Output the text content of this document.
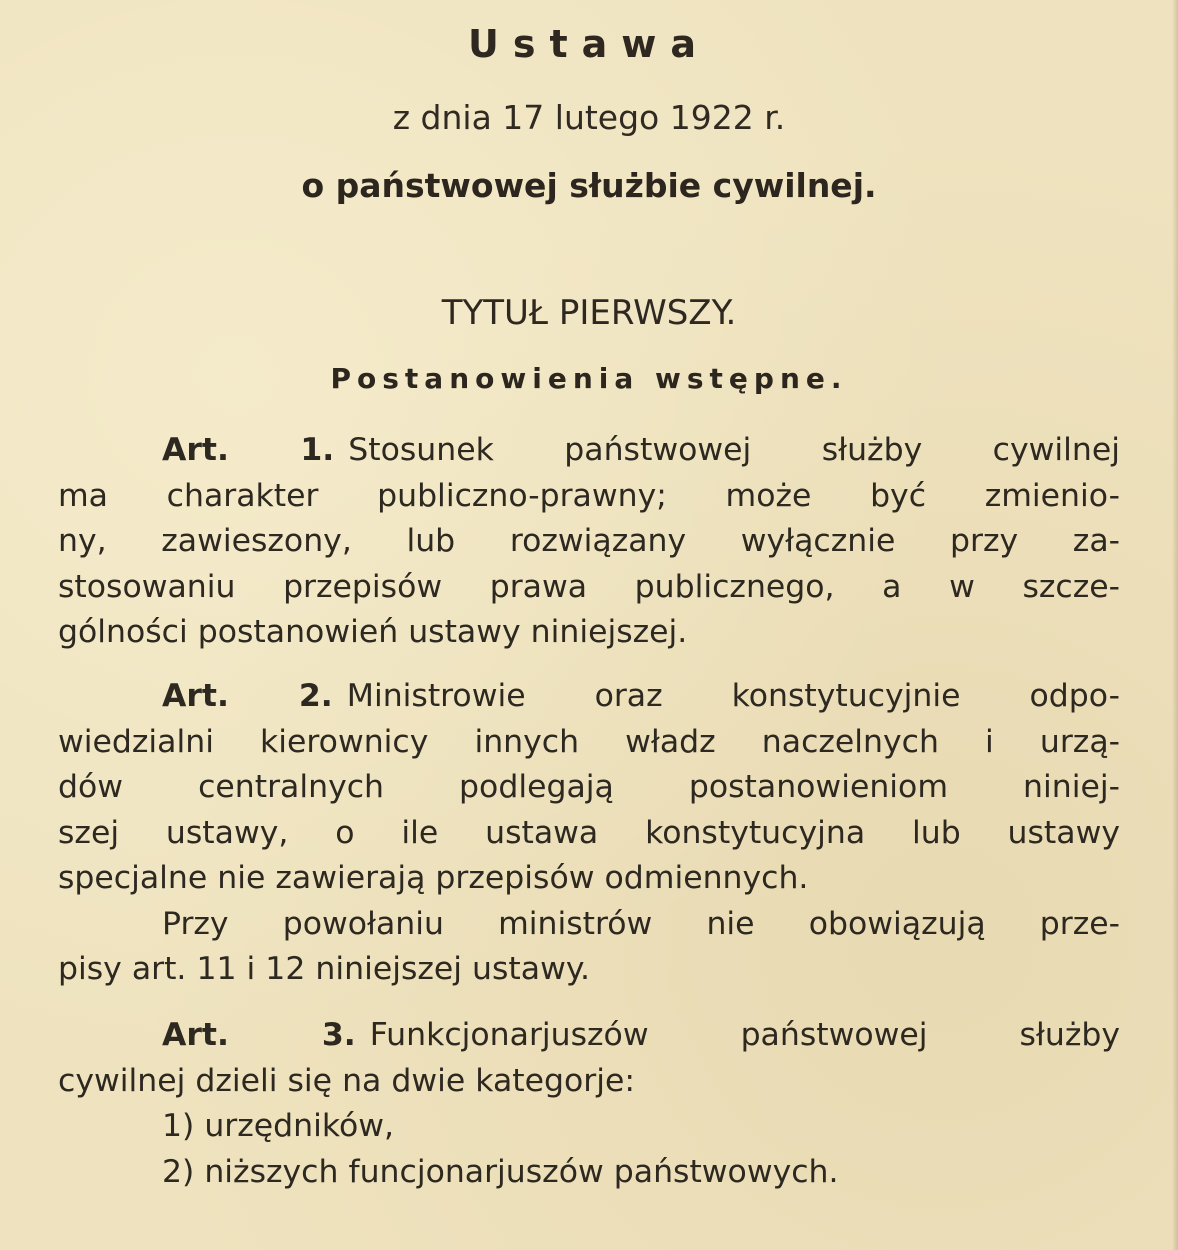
Ustawa
z dnia 17 lutego 1922 r.
o państwowej służbie cywilnej.
TYTUŁ PIERWSZY.
Postanowienia wstępne.
Art. 1. Stosunek państwowej służby cywilnej
ma charakter publiczno-prawny; może być zmienio-
ny, zawieszony, lub rozwiązany wyłącznie przy za-
stosowaniu przepisów prawa publicznego, a w szcze-
gólności postanowień ustawy niniejszej.
Art. 2. Ministrowie oraz konstytucyjnie odpo-
wiedzialni kierownicy innych władz naczelnych i urzą-
dów centralnych podlegają postanowieniom niniej-
szej ustawy, o ile ustawa konstytucyjna lub ustawy
specjalne nie zawierają przepisów odmiennych.
Przy powołaniu ministrów nie obowiązują prze-
pisy art. 11 i 12 niniejszej ustawy.
Art. 3. Funkcjonarjuszów państwowej służby
cywilnej dzieli się na dwie kategorje:
1) urzędników,
2) niższych funcjonarjuszów państwowych.
